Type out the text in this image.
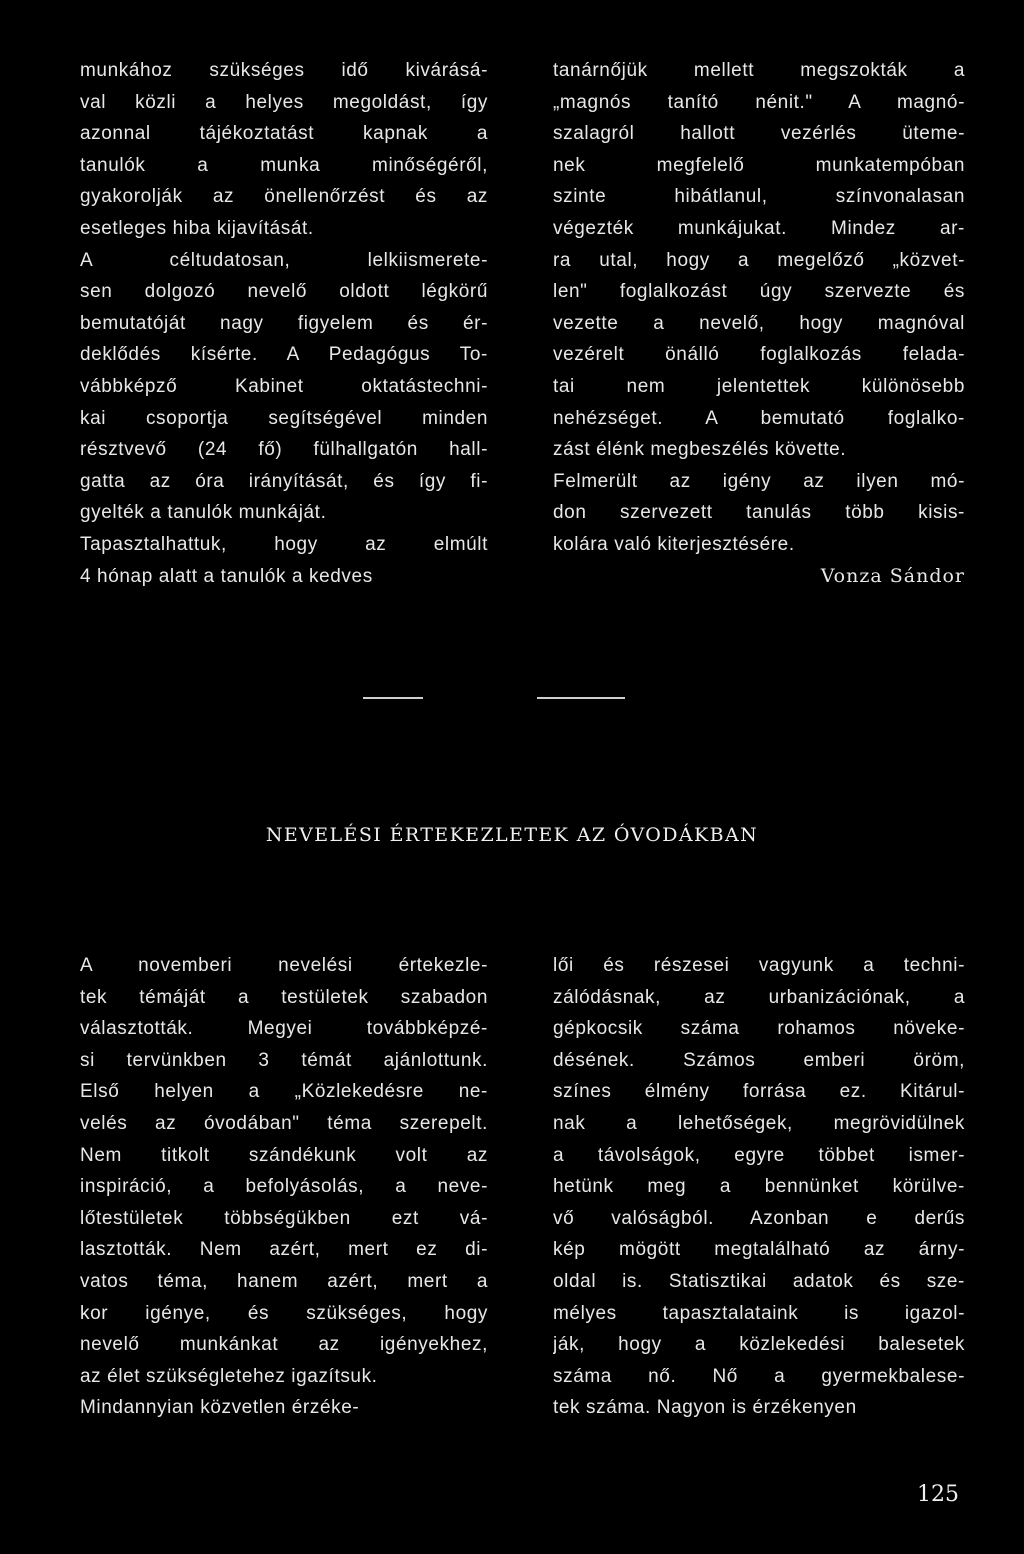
munkához szükséges idő kivárásá-
val közli a helyes megoldást, így
azonnal tájékoztatást kapnak a
tanulók a munka minőségéről,
gyakorolják az önellenőrzést és az
esetleges hiba kijavítását.
A céltudatosan, lelkiismerete-
sen dolgozó nevelő oldott légkörű
bemutatóját nagy figyelem és ér-
deklődés kísérte. A Pedagógus To-
vábbképző Kabinet oktatástechni-
kai csoportja segítségével minden
résztvevő (24 fő) fülhallgatón hall-
gatta az óra irányítását, és így fi-
gyelték a tanulók munkáját.
Tapasztalhattuk, hogy az elmúlt
4 hónap alatt a tanulók a kedves
tanárnőjük mellett megszokták a
„magnós tanító nénit." A magnó-
szalagról hallott vezérlés üteme-
nek megfelelő munkatempóban
szinte hibátlanul, színvonalasan
végezték munkájukat. Mindez ar-
ra utal, hogy a megelőző „közvet-
len" foglalkozást úgy szervezte és
vezette a nevelő, hogy magnóval
vezérelt önálló foglalkozás felada-
tai nem jelentettek különösebb
nehézséget. A bemutató foglalko-
zást élénk megbeszélés követte.
Felmerült az igény az ilyen mó-
don szervezett tanulás több kisis-
kolára való kiterjesztésére.
Vonza Sándor
NEVELÉSI ÉRTEKEZLETEK AZ ÓVODÁKBAN
A novemberi nevelési értekezle-
tek témáját a testületek szabadon
választották. Megyei továbbképzé-
si tervünkben 3 témát ajánlottunk.
Első helyen a „Közlekedésre ne-
velés az óvodában" téma szerepelt.
Nem titkolt szándékunk volt az
inspiráció, a befolyásolás, a neve-
lőtestületek többségükben ezt vá-
lasztották. Nem azért, mert ez di-
vatos téma, hanem azért, mert a
kor igénye, és szükséges, hogy
nevelő munkánkat az igényekhez,
az élet szükségletehez igazítsuk.
Mindannyian közvetlen érzéke-
lői és részesei vagyunk a techni-
zálódásnak, az urbanizációnak, a
gépkocsik száma rohamos növeke-
désének. Számos emberi öröm,
színes élmény forrása ez. Kitárul-
nak a lehetőségek, megrövidülnek
a távolságok, egyre többet ismer-
hetünk meg a bennünket körülve-
vő valóságból. Azonban e derűs
kép mögött megtalálható az árny-
oldal is. Statisztikai adatok és sze-
mélyes tapasztalataink is igazol-
ják, hogy a közlekedési balesetek
száma nő. Nő a gyermekbalese-
tek száma. Nagyon is érzékenyen
125
